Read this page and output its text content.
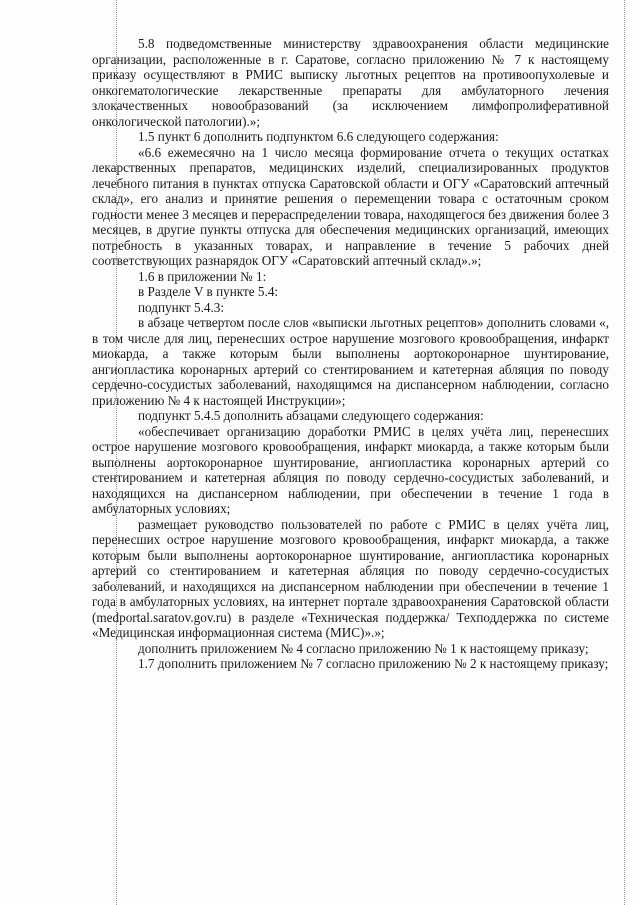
5.8 подведомственные министерству здравоохранения области медицинские организации, расположенные в г. Саратове, согласно приложению № 7 к настоящему приказу осуществляют в РМИС выписку льготных рецептов на противоопухолевые и онкогематологические лекарственные препараты для амбулаторного лечения злокачественных новообразований (за исключением лимфопролиферативной онкологической патологии).»;

1.5 пункт 6 дополнить подпунктом 6.6 следующего содержания:

«6.6 ежемесячно на 1 число месяца формирование отчета о текущих остатках лекарственных препаратов, медицинских изделий, специализированных продуктов лечебного питания в пунктах отпуска Саратовской области и ОГУ «Саратовский аптечный склад», его анализ и принятие решения о перемещении товара с остаточным сроком годности менее 3 месяцев и перераспределении товара, находящегося без движения более 3 месяцев, в другие пункты отпуска для обеспечения медицинских организаций, имеющих потребность в указанных товарах, и направление в течение 5 рабочих дней соответствующих разнарядок ОГУ «Саратовский аптечный склад».»;

1.6 в приложении № 1:

в Разделе V в пункте 5.4:

подпункт 5.4.3:

в абзаце четвертом после слов «выписки льготных рецептов» дополнить словами «, в том числе для лиц, перенесших острое нарушение мозгового кровообращения, инфаркт миокарда, а также которым были выполнены аортокоронарное шунтирование, ангиопластика коронарных артерий со стентированием и катетерная абляция по поводу сердечно-сосудистых заболеваний, находящимся на диспансерном наблюдении, согласно приложению № 4 к настоящей Инструкции»;

подпункт 5.4.5 дополнить абзацами следующего содержания:

«обеспечивает организацию доработки РМИС в целях учёта лиц, перенесших острое нарушение мозгового кровообращения, инфаркт миокарда, а также которым были выполнены аортокоронарное шунтирование, ангиопластика коронарных артерий со стентированием и катетерная абляция по поводу сердечно-сосудистых заболеваний, и находящихся на диспансерном наблюдении, при обеспечении в течение 1 года в амбулаторных условиях;

размещает руководство пользователей по работе с РМИС в целях учёта лиц, перенесших острое нарушение мозгового кровообращения, инфаркт миокарда, а также которым были выполнены аортокоронарное шунтирование, ангиопластика коронарных артерий со стентированием и катетерная абляция по поводу сердечно-сосудистых заболеваний, и находящихся на диспансерном наблюдении при обеспечении в течение 1 года в амбулаторных условиях, на интернет портале здравоохранения Саратовской области (medportal.saratov.gov.ru) в разделе «Техническая поддержка/ Техподдержка по системе «Медицинская информационная система (МИС)».»;

дополнить приложением № 4 согласно приложению № 1 к настоящему приказу;

1.7 дополнить приложением № 7 согласно приложению № 2 к настоящему приказу;
